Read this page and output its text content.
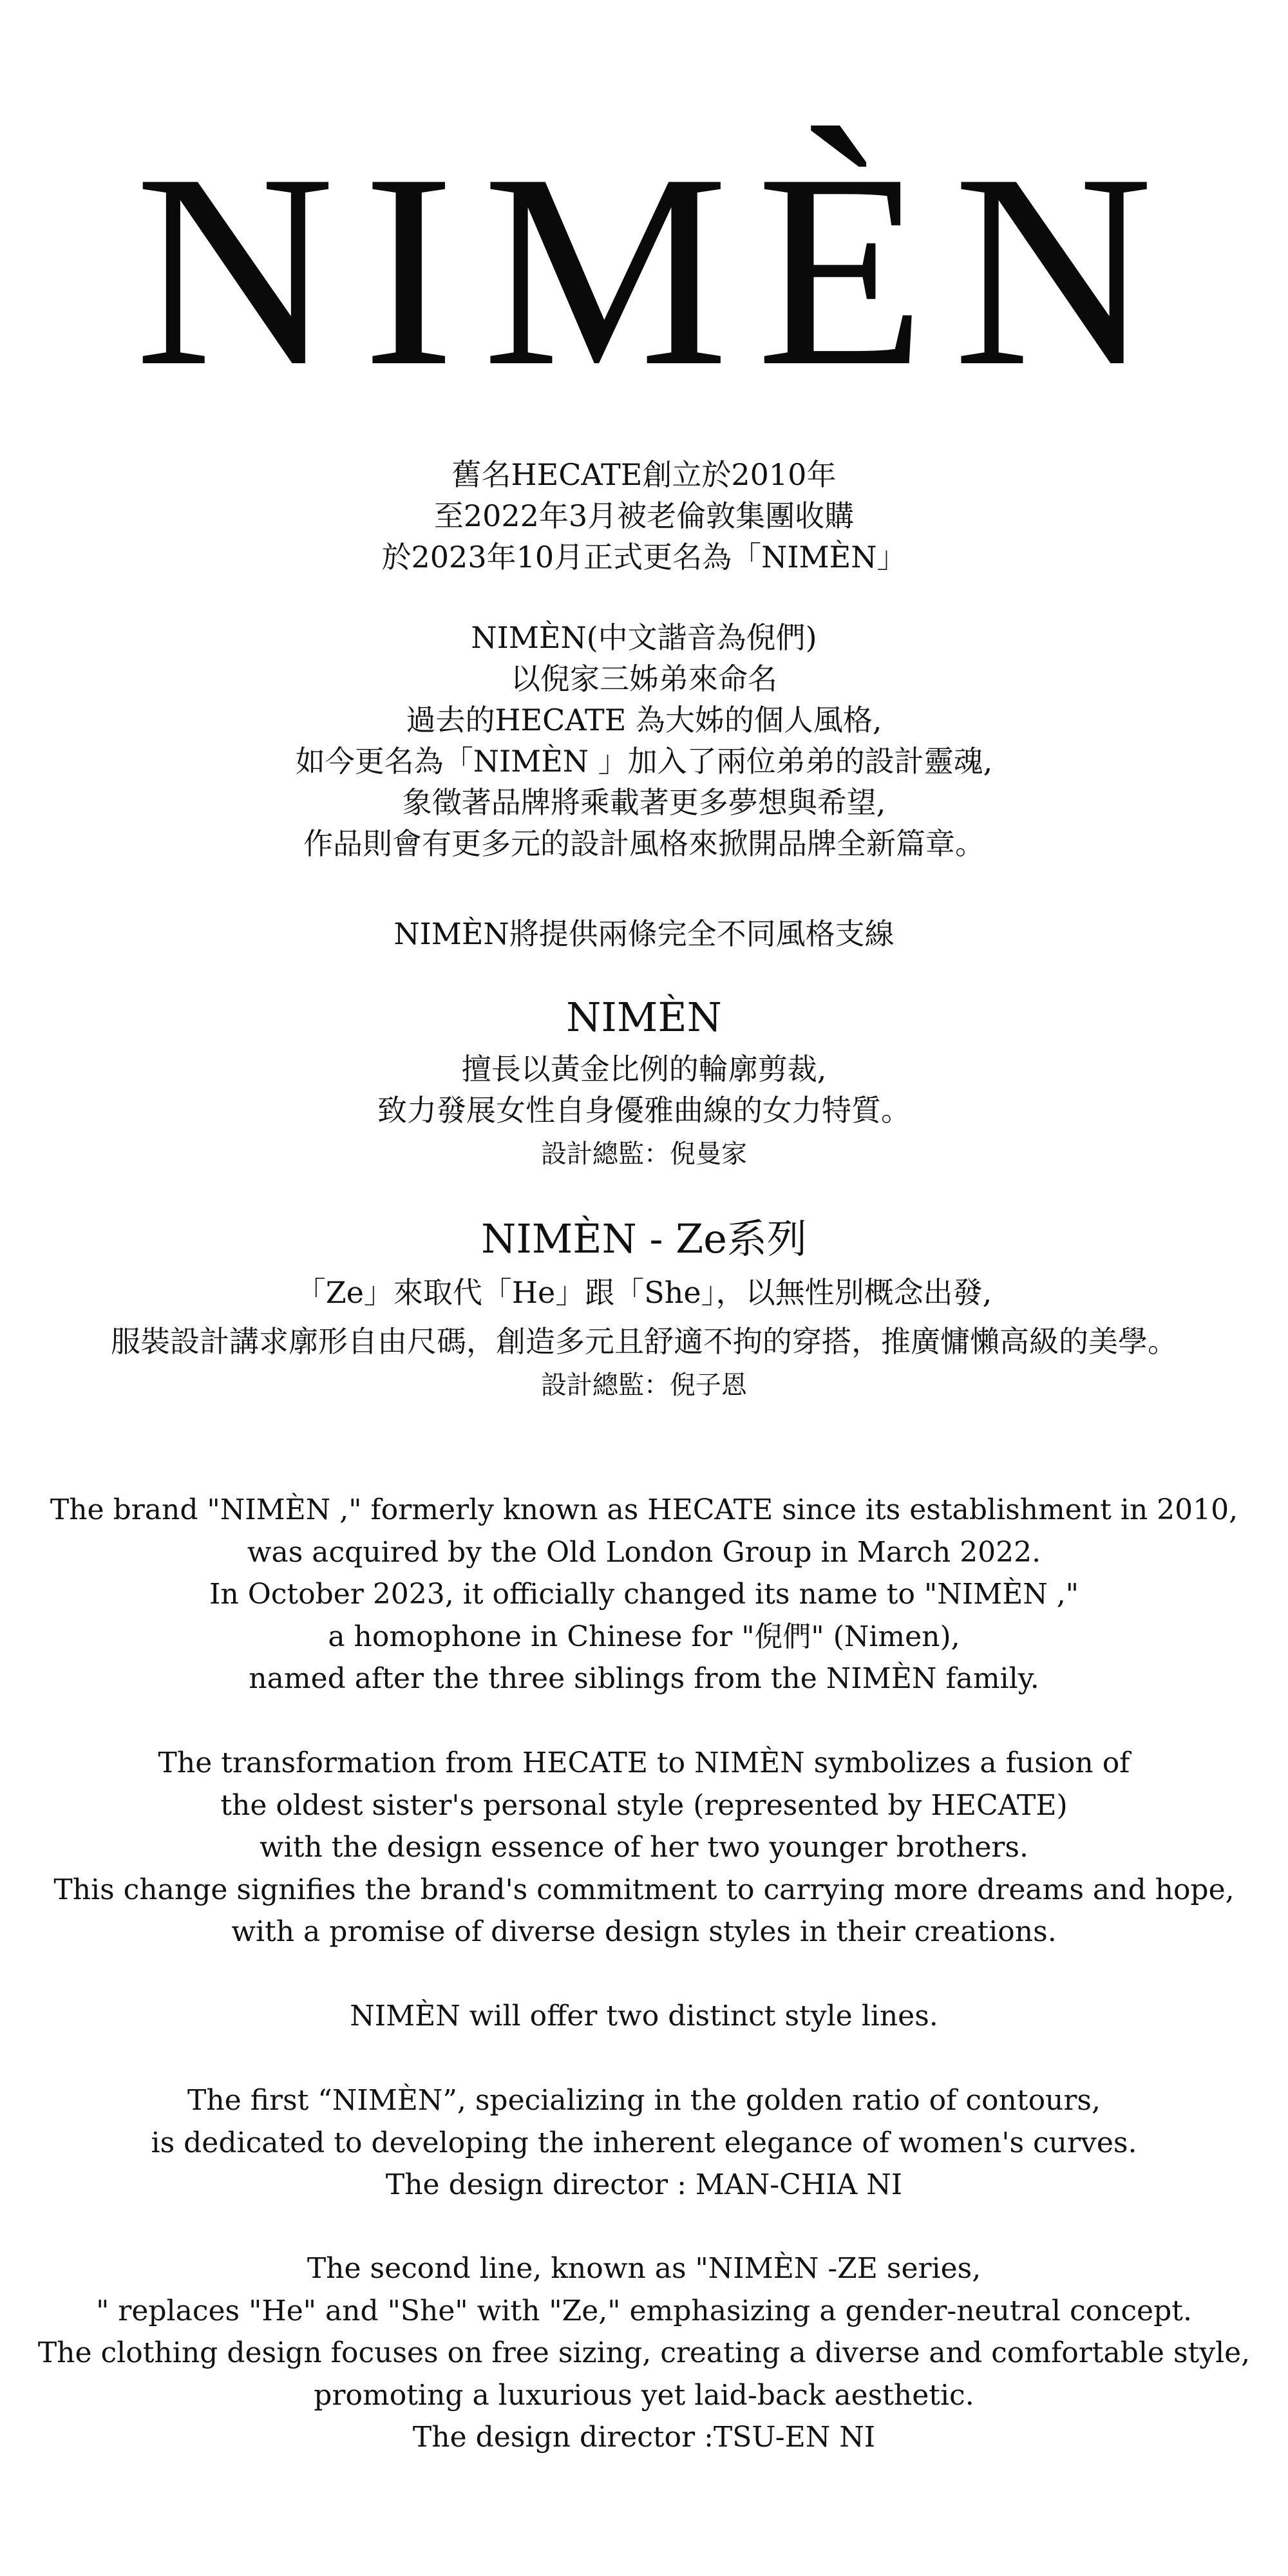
NIMÈN
舊名HECATE創立於2010年
至2022年3月被老倫敦集團收購
於2023年10月正式更名為「NIMÈN」
NIMÈN(中文諧音為倪們)
以倪家三姊弟來命名
過去的HECATE 為大姊的個人風格,
如今更名為「NIMÈN 」加入了兩位弟弟的設計靈魂,
象徵著品牌將乘載著更多夢想與希望,
作品則會有更多元的設計風格來掀開品牌全新篇章。
NIMÈN將提供兩條完全不同風格支線
NIMÈN
擅長以黃金比例的輪廓剪裁,
致力發展女性自身優雅曲線的女力特質。
設計總監：倪曼家
NIMÈN - Ze系列
「Ze」來取代「He」跟「She」，以無性別概念出發,
服裝設計講求廓形自由尺碼，創造多元且舒適不拘的穿搭，推廣慵懶高級的美學。
設計總監：倪子恩
The brand "NIMÈN ," formerly known as HECATE since its establishment in 2010,
was acquired by the Old London Group in March 2022.
In October 2023, it officially changed its name to "NIMÈN ,"
a homophone in Chinese for "倪們" (Nimen),
named after the three siblings from the NIMÈN family.
The transformation from HECATE to NIMÈN symbolizes a fusion of
the oldest sister's personal style (represented by HECATE)
with the design essence of her two younger brothers.
This change signifies the brand's commitment to carrying more dreams and hope,
with a promise of diverse design styles in their creations.
NIMÈN will offer two distinct style lines.
The first “NIMÈN”, specializing in the golden ratio of contours,
is dedicated to developing the inherent elegance of women's curves.
The design director : MAN-CHIA NI
The second line, known as "NIMÈN -ZE series,
" replaces "He" and "She" with "Ze," emphasizing a gender-neutral concept.
The clothing design focuses on free sizing, creating a diverse and comfortable style,
promoting a luxurious yet laid-back aesthetic.
The design director :TSU-EN NI
